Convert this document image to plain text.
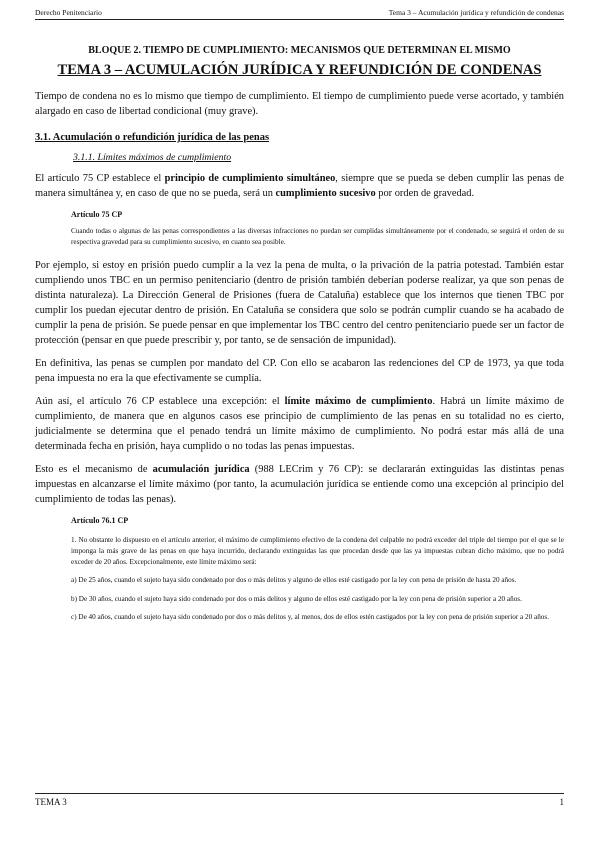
Derecho Penitenciario	Tema 3 – Acumulación jurídica y refundición de condenas

BLOQUE 2. TIEMPO DE CUMPLIMIENTO: MECANISMOS QUE DETERMINAN EL MISMO

TEMA 3 – ACUMULACIÓN JURÍDICA Y REFUNDICIÓN DE CONDENAS

Tiempo de condena no es lo mismo que tiempo de cumplimiento. El tiempo de cumplimiento puede verse acortado, y también alargado en caso de libertad condicional (muy grave).

3.1. Acumulación o refundición jurídica de las penas

3.1.1. Límites máximos de cumplimiento

El artículo 75 CP establece el principio de cumplimiento simultáneo, siempre que se pueda se deben cumplir las penas de manera simultánea y, en caso de que no se pueda, será un cumplimiento sucesivo por orden de gravedad.

Artículo 75 CP

Cuando todas o algunas de las penas correspondientes a las diversas infracciones no puedan ser cumplidas simultáneamente por el condenado, se seguirá el orden de su respectiva gravedad para su cumplimiento sucesivo, en cuanto sea posible.

Por ejemplo, si estoy en prisión puedo cumplir a la vez la pena de multa, o la privación de la patria potestad. También estar cumpliendo unos TBC en un permiso penitenciario (dentro de prisión también deberían poderse realizar, ya que son penas de distinta naturaleza). La Dirección General de Prisiones (fuera de Cataluña) establece que los internos que tienen TBC por cumplir los puedan ejecutar dentro de prisión. En Cataluña se considera que solo se podrán cumplir cuando se ha acabado de cumplir la pena de prisión. Se puede pensar en que implementar los TBC centro del centro penitenciario puede ser un factor de protección (pensar en que puede prescribir y, por tanto, se de sensación de impunidad).

En definitiva, las penas se cumplen por mandato del CP. Con ello se acabaron las redenciones del CP de 1973, ya que toda pena impuesta no era la que efectivamente se cumplía.

Aún así, el artículo 76 CP establece una excepción: el límite máximo de cumplimiento. Habrá un límite máximo de cumplimiento, de manera que en algunos casos ese principio de cumplimiento de las penas en su totalidad no es cierto, judicialmente se determina que el penado tendrá un límite máximo de cumplimiento. No podrá estar más allá de una determinada fecha en prisión, haya cumplido o no todas las penas impuestas.

Esto es el mecanismo de acumulación jurídica (988 LECrim y 76 CP): se declararán extinguidas las distintas penas impuestas en alcanzarse el límite máximo (por tanto, la acumulación jurídica se entiende como una excepción al principio del cumplimiento de todas las penas).

Artículo 76.1 CP

1. No obstante lo dispuesto en el artículo anterior, el máximo de cumplimiento efectivo de la condena del culpable no podrá exceder del triple del tiempo por el que se le imponga la más grave de las penas en que haya incurrido, declarando extinguidas las que procedan desde que las ya impuestas cubran dicho máximo, que no podrá exceder de 20 años. Excepcionalmente, este límite máximo será:

a) De 25 años, cuando el sujeto haya sido condenado por dos o más delitos y alguno de ellos esté castigado por la ley con pena de prisión de hasta 20 años.

b) De 30 años, cuando el sujeto haya sido condenado por dos o más delitos y alguno de ellos esté castigado por la ley con pena de prisión superior a 20 años.

c) De 40 años, cuando el sujeto haya sido condenado por dos o más delitos y, al menos, dos de ellos estén castigados por la ley con pena de prisión superior a 20 años.

TEMA 3	1
